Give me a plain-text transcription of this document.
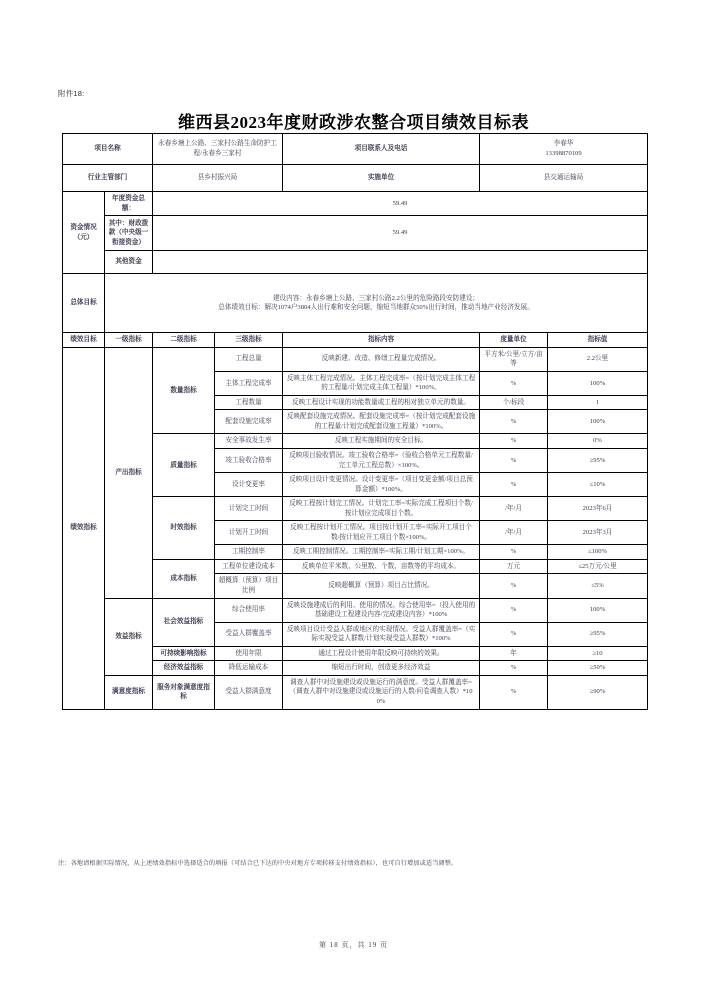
附件18:
维西县2023年度财政涉农整合项目绩效目标表
项目名称		永春乡塘上公路、三家村公路生命防护工程/永春乡三家村		项目联系人及电话	李春华
13398870109	

行业主管部门		县乡村振兴局		实施单位	县交通运输局	
资金情况（元）	年度资金总额：	59.49				
	其中：财政拨款（中央级一衔接资金）	59.49				
	其他资金					
总体目标	建设内容：永春乡塘上公路、三家村公路2.2公里的危险路段安防建设；
总体绩效目标：解决1074户3804人出行难和安全问题，缩短当地群众50%出行时间，推动当地产业经济发展。					

绩效目标	一级指标	二级指标	三级指标	指标内容	度量单位	指标值
绩效指标	产出指标	数量指标	工程总量	反映新建、改造、修缮工程量完成情况。	平方米/公里/立方/亩等	2.2公里
			主体工程完成率	反映主体工程完成情况。主体工程完成率=（按计划完成主体工程的工程量/计划完成主体工程量）*100%。	%	100%
			工程数量	反映工程设计实现的功能数量或工程的相对独立单元的数量。	个/标段	1
			配套设施完成率	反映配套设施完成情况。配套设施完成率=（按计划完成配套设施的工程量/计划完成配套设施工程量）*100%。	%	100%
		质量指标	安全事故发生率	反映工程实施期间的安全目标。	%	0%
			竣工验收合格率	反映项目验收情况。竣工验收合格率=（验收合格单元工程数量/完工单元工程总数）×100%。	%	≥95%
			设计变更率	反映项目设计变更情况。设计变更率=（项目变更金额/项目总预算金额）*100%。	%	≤10%
		时效指标	计划完工时间	反映工程按计划完工情况。计划完工率=实际完成工程项目个数/按计划应完成项目个数。	/年/月	2023年6月
			计划开工时间	反映工程按计划开工情况。项目按计划开工率=实际开工项目个数/按计划应开工项目个数×100%。	/年/月	2023年3月
			工期控制率	反映工期控制情况。工期控制率=实际工期/计划工期×100%。	%	≤100%
		成本指标	工程单位建设成本	反映单位平米数、公里数、个数、亩数等的平均成本。	万元	≤25万元/公里
			超概算（预算）项目比例	反映超概算（预算）项目占比情况。	%	≤5%
	效益指标	社会效益指标	综合使用率	反映设施建成后的利用、使用的情况。综合使用率=（投入使用的基础建设工程建设内容/完成建设内容）*100%	%	100%
			受益人群覆盖率	反映项目设计受益人群或地区的实现情况。受益人群覆盖率=（实际实现受益人群数/计划实现受益人群数）*100%	%	≥95%
		可持续影响指标	使用年限	通过工程设计使用年限反映可持续的效果。	年	≥10
		经济效益指标	降低运输成本	缩短出行时间，创造更多经济效益	%	≥50%
	满意度指标	服务对象满意度指标	受益人群满意度	调查人群中对设施建设或设施运行的满意度。受益人群覆盖率=（调查人群中对设施建设或设施运行的人数/问卷调查人数）*100%	%	≥90%
注：各地请根据实际情况，从上述绩效指标中选择适合的填报（可结合已下达的中央对地方专项转移支付绩效指标），也可自行增加或适当调整。
第 18 页，共 19 页
